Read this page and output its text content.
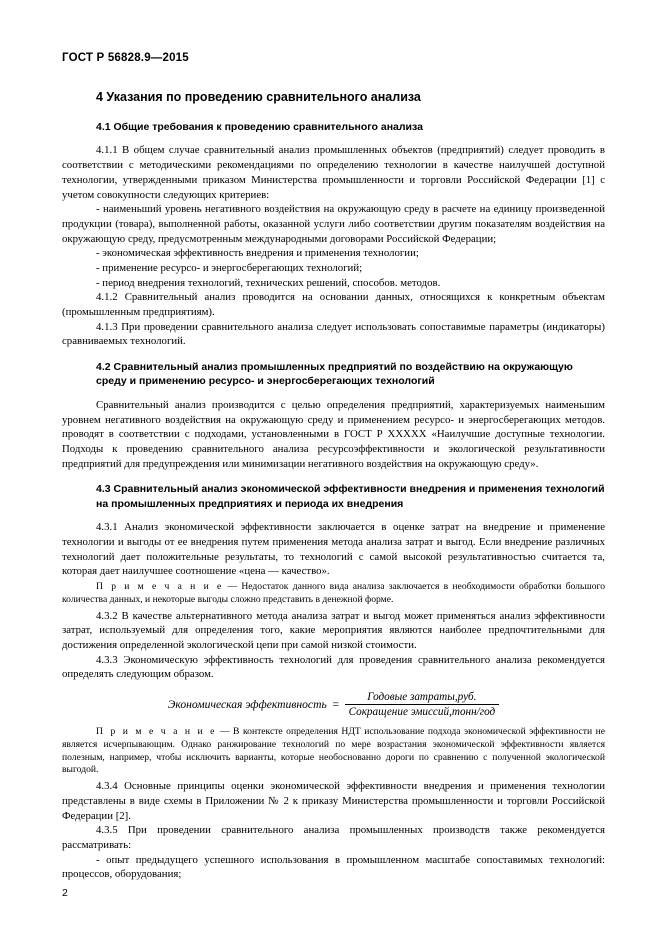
ГОСТ Р 56828.9—2015
4 Указания по проведению сравнительного анализа
4.1 Общие требования к проведению сравнительного анализа

4.1.1 В общем случае сравнительный анализ промышленных объектов (предприятий) следует проводить в соответствии с методическими рекомендациями по определению технологии в качестве наилучшей доступной технологии, утвержденными приказом Министерства промышленности и торговли Российской Федерации [1] с учетом совокупности следующих критериев:

- наименьший уровень негативного воздействия на окружающую среду в расчете на единицу произведенной продукции (товара), выполненной работы, оказанной услуги либо соответствии другим показателям воздействия на окружающую среду, предусмотренным международными договорами Российской Федерации;

- экономическая эффективность внедрения и применения технологии;

- применение ресурсо- и энергосберегающих технологий;

- период внедрения технологий, технических решений, способов. методов.

4.1.2 Сравнительный анализ проводится на основании данных, относящихся к конкретным объектам (промышленным предприятиям).

4.1.3 При проведении сравнительного анализа следует использовать сопоставимые параметры (индикаторы) сравниваемых технологий.

4.2 Сравнительный анализ промышленных предприятий по воздействию на окружающую среду и применению ресурсо- и энергосберегающих технологий

Сравнительный анализ производится с целью определения предприятий, характеризуемых наименьшим уровнем негативного воздействия на окружающую среду и применением ресурсо- и энергосберегающих методов. проводят в соответствии с подходами, установленными в ГОСТ Р ХХХХХ «Наилучшие доступные технологии. Подходы к проведению сравнительного анализа ресурсоэффективности и экологической результативности предприятий для предупреждения или минимизации негативного воздействия на окружающую среду».

4.3 Сравнительный анализ экономической эффективности внедрения и применения технологий на промышленных предприятиях и периода их внедрения

4.3.1 Анализ экономической эффективности заключается в оценке затрат на внедрение и применение технологии и выгоды от ее внедрения путем применения метода анализа затрат и выгод. Если внедрение различных технологий дает положительные результаты, то технологий с самой высокой результативностью считается та, которая дает наилучшее соотношение «цена — качество».

П р и м е ч а н и е — Недостаток данного вида анализа заключается в необходимости обработки большого количества данных, и некоторые выгоды сложно представить в денежной форме.

4.3.2 В качестве альтернативного метода анализа затрат и выгод может применяться анализ эффективности затрат, используемый для определения того, какие мероприятия являются наиболее предпочтительными для достижения определенной экологической цепи при самой низкой стоимости.

4.3.3 Экономическую эффективность технологий для проведения сравнительного анализа рекомендуется определять следующим образом.

Экономическая эффективность = $\frac{\text{Годовые затраты,руб.}}{\text{Сокращение эмиссий,тонн/год}}$
П р и м е ч а н и е — В контексте определения НДТ использование подхода экономической эффективности не является исчерпывающим. Однако ранжирование технологий по мере возрастания экономической эффективности является полезным, например, чтобы исключить варианты, которые необоснованно дороги по сравнению с полученной экологической выгодой.

4.3.4 Основные принципы оценки экономической эффективности внедрения и применения технологии представлены в виде схемы в Приложении № 2 к приказу Министерства промышленности и торговли Российской Федерации [2].

4.3.5 При проведении сравнительного анализа промышленных производств также рекомендуется рассматривать:

- опыт предыдущего успешного использования в промышленном масштабе сопоставимых технологий: процессов, оборудования;

2
